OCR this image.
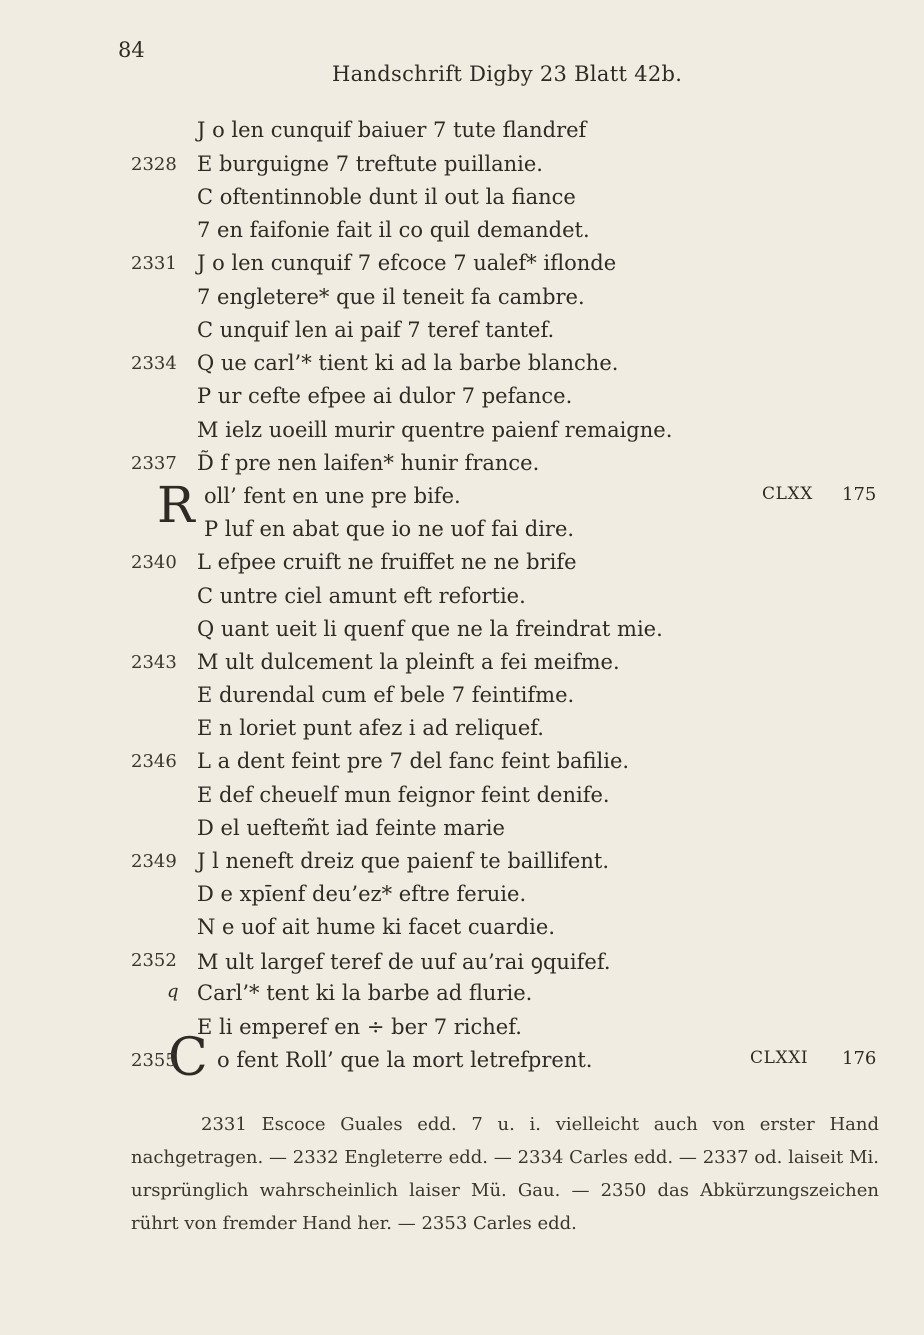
84
Handschrift Digby 23 Blatt 42b.
R
C
J o len cunquif baiuer 7 tute flandref
2328 E burguigne 7 treftute puillanie.
C oftentinnoble dunt il out la fiance
7 en faifonie fait il co quil demandet.
2331 J o len cunquif 7 efcoce 7 ualef* iflonde
7 engletere* que il teneit fa cambre.
C unquif len ai paif 7 teref tantef.
2334 Q ue carl’* tient ki ad la barbe blanche.
P ur cefte efpee ai dulor 7 pefance.
M ielz uoeill murir quentre paienf remaigne.
2337 D̃ f pre nen laifen* hunir france.
oll’ fent en une pre bife.	CLXX 175
P luf en abat que io ne uof fai dire.
2340 L efpee cruift ne fruiffet ne ne brife
C untre ciel amunt eft refortie.
Q uant ueit li quenf que ne la freindrat mie.
2343 M ult dulcement la pleinft a fei meifme.
E durendal cum ef bele 7 feintifme.
E n loriet punt afez i ad reliquef.
2346 L a dent feint pre 7 del fanc feint bafilie.
E def cheuelf mun feignor feint denife.
D el ueftem̃t iad feinte marie
2349 J l neneft dreiz que paienf te baillifent.
D e xpı̄enf deu’ez* eftre feruie.
N e uof ait hume ki facet cuardie.
2352 M ult largef teref de uuf au’rai ꝯquifef.
q Carl’* tent ki la barbe ad flurie.
E li emperef en ÷ ber 7 richef.
2355 o fent Roll’ que la mort letrefprent.	CLXXI 176

2331 Escoce Guales edd. 7 u. i. vielleicht auch von erster Hand nachgetragen. — 2332 Engleterre edd. — 2334 Carles edd. — 2337 od. laiseit Mi. ursprünglich wahrscheinlich laiser Mü. Gau. — 2350 das Abkürzungszeichen rührt von fremder Hand her. — 2353 Carles edd.
